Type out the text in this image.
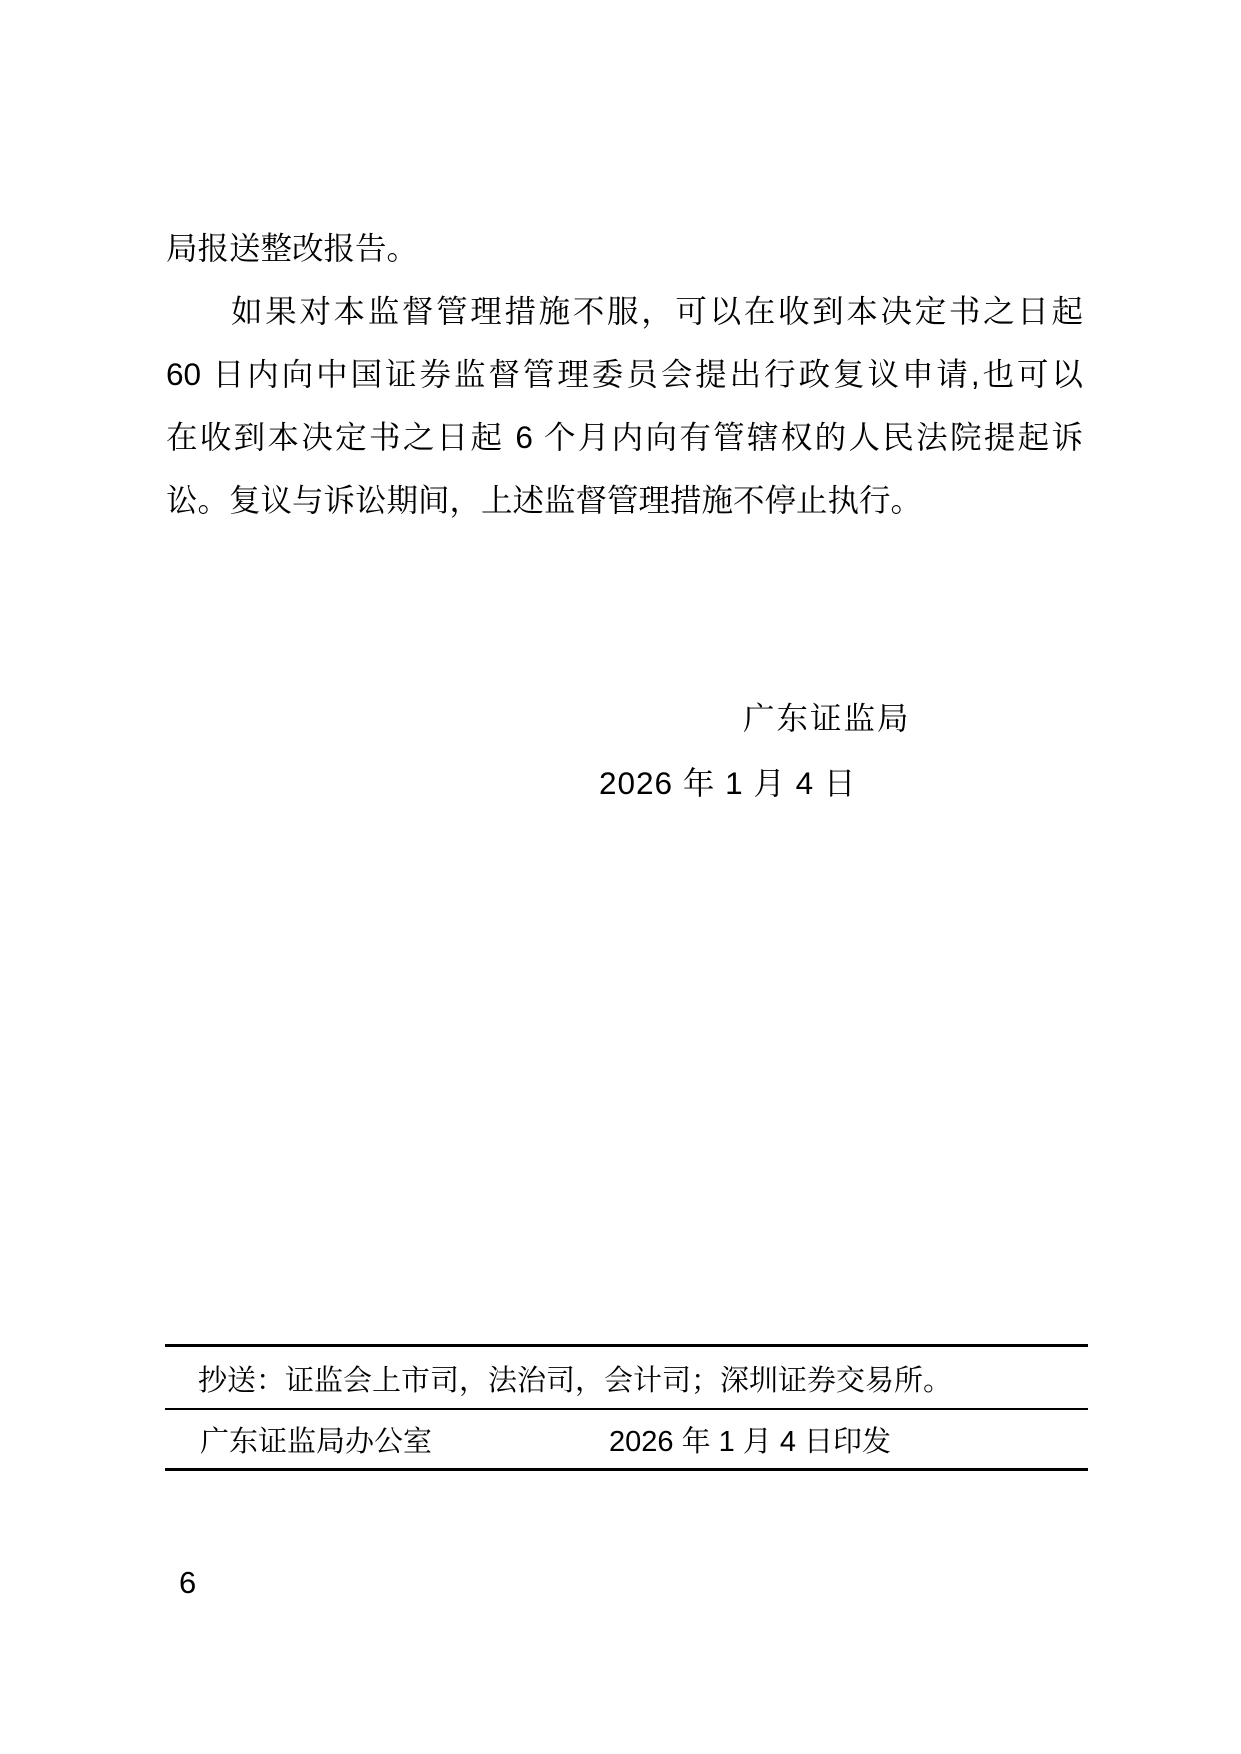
局报送整改报告。
如果对本监督管理措施不服，可以在收到本决定书之日起
60 日内向中国证券监督管理委员会提出行政复议申请,也可以
在收到本决定书之日起 6 个月内向有管辖权的人民法院提起诉
讼。复议与诉讼期间，上述监督管理措施不停止执行。
广东证监局
2026 年 1 月 4 日
抄送：证监会上市司，法治司，会计司；深圳证券交易所。
广东证监局办公室	2026 年 1 月 4 日印发
6
